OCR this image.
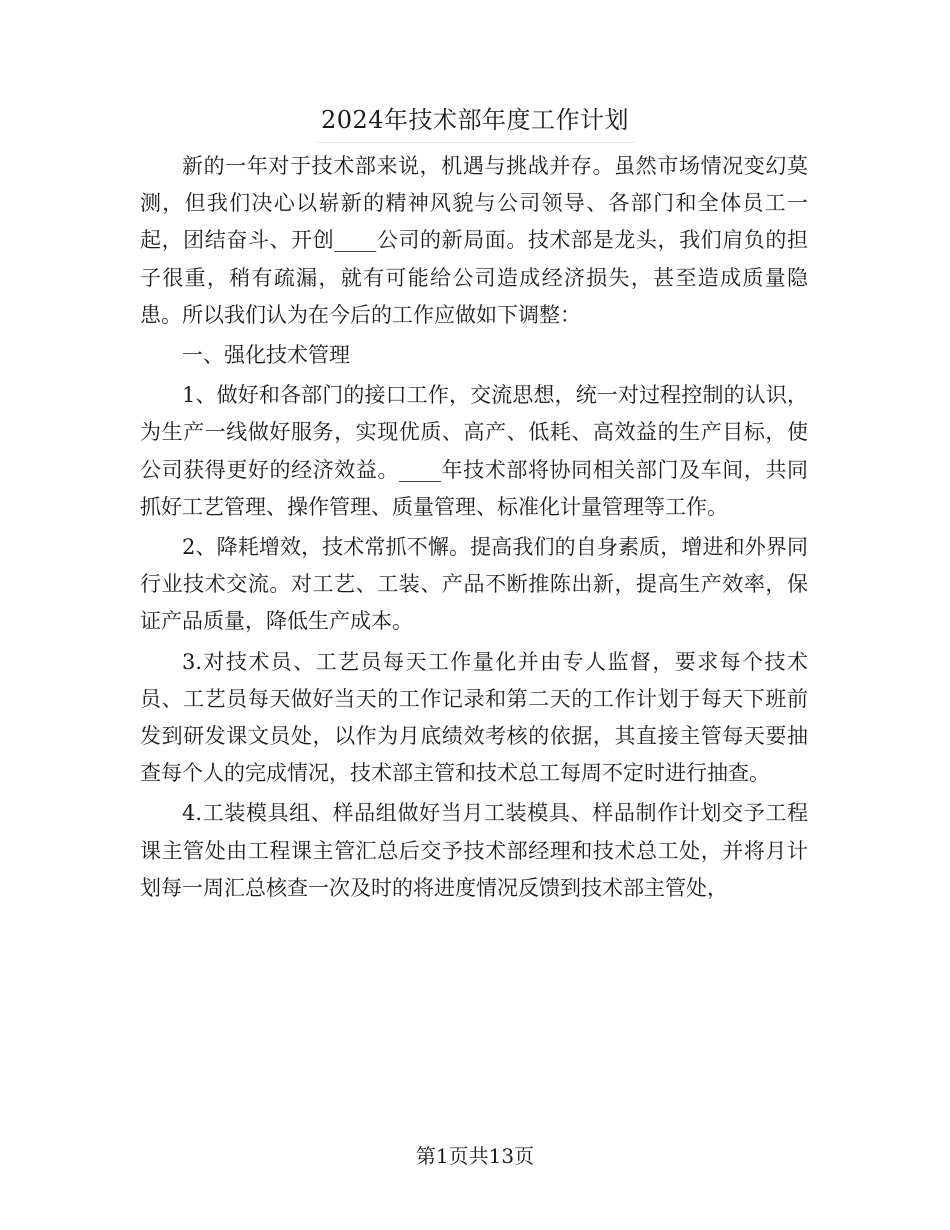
2024年技术部年度工作计划

新的一年对于技术部来说，机遇与挑战并存。虽然市场情况变幻莫测，但我们决心以崭新的精神风貌与公司领导、各部门和全体员工一起，团结奋斗、开创____公司的新局面。技术部是龙头，我们肩负的担子很重，稍有疏漏，就有可能给公司造成经济损失，甚至造成质量隐患。所以我们认为在今后的工作应做如下调整：

一、强化技术管理

1、做好和各部门的接口工作，交流思想，统一对过程控制的认识，为生产一线做好服务，实现优质、高产、低耗、高效益的生产目标，使公司获得更好的经济效益。____年技术部将协同相关部门及车间，共同抓好工艺管理、操作管理、质量管理、标准化计量管理等工作。

2、降耗增效，技术常抓不懈。提高我们的自身素质，增进和外界同行业技术交流。对工艺、工装、产品不断推陈出新，提高生产效率，保证产品质量，降低生产成本。

3.对技术员、工艺员每天工作量化并由专人监督，要求每个技术员、工艺员每天做好当天的工作记录和第二天的工作计划于每天下班前发到研发课文员处，以作为月底绩效考核的依据，其直接主管每天要抽查每个人的完成情况，技术部主管和技术总工每周不定时进行抽查。

4.工装模具组、样品组做好当月工装模具、样品制作计划交予工程课主管处由工程课主管汇总后交予技术部经理和技术总工处，并将月计划每一周汇总核查一次及时的将进度情况反馈到技术部主管处，

第1页共13页
